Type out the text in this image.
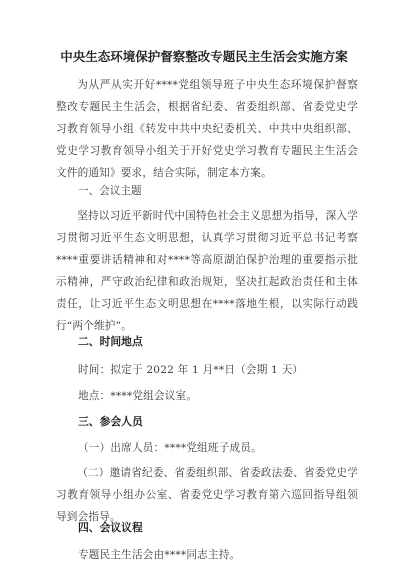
中央生态环境保护督察整改专题民主生活会实施方案
为从严从实开好****党组领导班子中央生态环境保护督察整改专题民主生活会，根据省纪委、省委组织部、省委党史学习教育领导小组《转发中共中央纪委机关、中共中央组织部、党史学习教育领导小组关于开好党史学习教育专题民主生活会文件的通知》要求，结合实际，制定本方案。
一、会议主题
坚持以习近平新时代中国特色社会主义思想为指导，深入学习贯彻习近平生态文明思想，认真学习贯彻习近平总书记考察****重要讲话精神和对****等高原湖泊保护治理的重要指示批示精神，严守政治纪律和政治规矩，坚决扛起政治责任和主体责任，让习近平生态文明思想在****落地生根，以实际行动践行“两个维护”。
二、时间地点
时间：拟定于 2022 年 1 月**日（会期 1 天）
地点：****党组会议室。
三、参会人员
（一）出席人员：****党组班子成员。
（二）邀请省纪委、省委组织部、省委政法委、省委党史学习教育领导小组办公室、省委党史学习教育第六巡回指导组领导到会指导。
四、会议议程
专题民主生活会由****同志主持。
